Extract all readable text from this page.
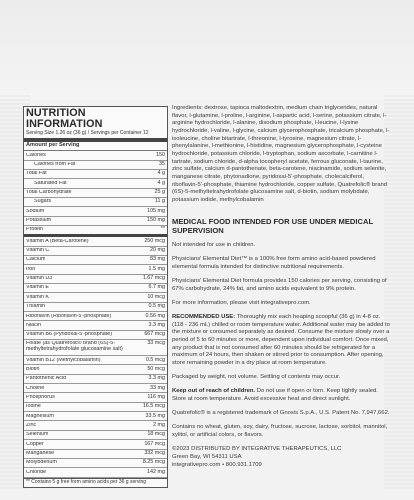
NUTRITION INFORMATION
Serving Size 1.26 oz (36 g) / Servings per Container 12
Amount per Serving
Calories	150
Calories from Fat	35
Total Fat	4 g
Saturated Fat	4 g
Total Carbohydrate	25 g
Sugars	11 g
Sodium	105 mg
Potassium	150 mg
Protein	**
Vitamin A (Beta-Carotene)	250 mcg
Vitamin C	20 mg
Calcium	83 mg
Iron	1.5 mg
Vitamin D3	1.67 mcg
Vitamin E	6.7 mg
Vitamin K	10 mcg
Thiamin	0.5 mg
Riboflavin (Riboflavin-5'-phosphate)	0.56 mg
Niacin	3.3 mg
Vitamin B6 (Pyridoxal-5'-phosphate)	667 mcg
Folate (as Quatrefolic® brand (6S)-5-methyltetrahydrofolate glucosamine salt)
33 mcg
Vitamin B12 (Methylcobalamin)	0.5 mcg
Biotin	50 mcg
Pantothenic Acid	3.3 mg
Choline	33 mg
Phosphorus	116 mg
Iodine	16.5 mcg
Magnesium	33.5 mg
Zinc	2 mg
Selenium	18 mcg
Copper	167 mcg
Manganese	332 mcg
Molybdenum	8.25 mcg
Chloride	142 mg
** Contains 5 g free form amino acids per 36 g serving

Ingredients: dextrose, tapioca maltodextrin, medium chain triglycerides, natural flavor, l-glutamine, l-proline, l-arginine, l-aspartic acid, l-serine, potassium citrate, l-arginine hydrochloride, l-alanine, disodium phosphate, l-leucine, l-lysine hydrochloride, l-valine, l-glycine, calcium glycerophosphate, tricalcium phosphate, l-isoleucine, choline bitartrate, l-threonine, l-tyrosine, magnesium citrate, l-phenylalanine, l-methionine, l-histidine, magnesium glycerophosphate, l-cysteine hydrochloride, potassium chloride, l-tryptophan, sodium ascorbate, l-carnitine l-tartrate, sodium chloride, d-alpha tocopheryl acetate, ferrous gluconate, l-taurine, zinc sulfate, calcium d-pantothenate, beta-carotene, niacinamide, sodium selenite, manganese citrate, phytonadione, pyridoxal-5'-phosphate, cholecalciferol, riboflavin-5'-phosphate, thiamine hydrochloride, copper sulfate, Quatrefolic® brand (6S)-5-methyltetrahydrofolate glucosamine salt, d-biotin, sodium molybdate, potassium iodide, methylcobalamin

MEDICAL FOOD INTENDED FOR USE UNDER MEDICAL SUPERVISION

Not intended for use in children.

Physicians' Elemental Diet™ is a 100% free form amino acid-based powdered elemental formula intended for distinctive nutritional requirements.

Physicians' Elemental Diet formula provides 150 calories per serving, consisting of 67% carbohydrate, 24% fat, and amino acids equivalent to 9% protein.

For more information, please visit integrativepro.com.

RECOMMENDED USE: Thoroughly mix each heaping scoopful (36 g) in 4-8 oz. (118 - 236 mL) chilled or room temperature water. Additional water may be added to the mixture or consumed separately as desired. Consume the mixture slowly over a period of 5 to 60 minutes or more, dependent upon individual comfort. Once mixed, any product that is not consumed after 60 minutes should be refrigerated for a maximum of 24 hours, then shaken or stirred prior to consumption. After opening, store remaining powder in a dry place at room temperature.

Packaged by weight, not volume. Settling of contents may occur.

Keep out of reach of children. Do not use if open or torn. Keep tightly sealed. Store at room temperature. Avoid excessive heat and direct sunlight.

Quatrefolic® is a registered trademark of Gnosis S.p.A., U.S. Patent No. 7,947,662.

Contains no wheat, gluten, soy, dairy, fructose, sucrose, lactose, sorbitol, mannitol, xylitol, or artificial colors, or flavors.

©2023 DISTRIBUTED BY INTEGRATIVE THERAPEUTICS, LLC
Green Bay, WI 54311 USA
integrativepro.com • 800.931.1709
